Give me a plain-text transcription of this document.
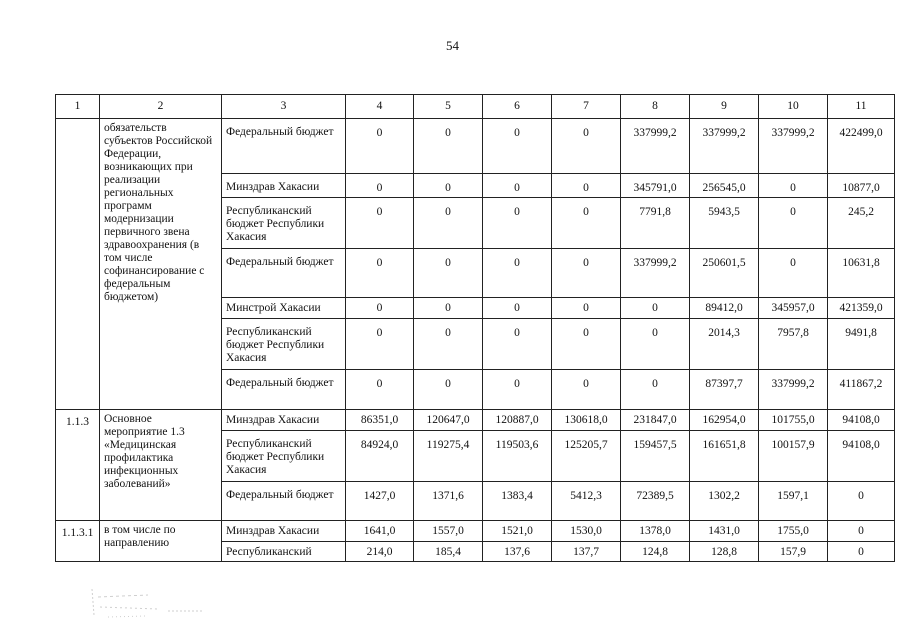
54
1	2	3	4	5	6	7	8	9	10	11
	обязательств субъектов Российской Федерации, возникающих при реализации региональных программ модернизации первичного звена здравоохранения (в том числе софинансирование с федеральным бюджетом)	Федеральный бюджет	0	0	0	0	337999,2	337999,2	337999,2	422499,0
		Минздрав Хакасии	0	0	0	0	345791,0	256545,0	0	10877,0
		Республиканский бюджет Республики Хакасия	0	0	0	0	7791,8	5943,5	0	245,2
		Федеральный бюджет	0	0	0	0	337999,2	250601,5	0	10631,8
		Минстрой Хакасии	0	0	0	0	0	89412,0	345957,0	421359,0
		Республиканский бюджет Республики Хакасия	0	0	0	0	0	2014,3	7957,8	9491,8
		Федеральный бюджет	0	0	0	0	0	87397,7	337999,2	411867,2
1.1.3	Основное мероприятие 1.3 «Медицинская профилактика инфекционных заболеваний»	Минздрав Хакасии	86351,0	120647,0	120887,0	130618,0	231847,0	162954,0	101755,0	94108,0
		Республиканский бюджет Республики Хакасия	84924,0	119275,4	119503,6	125205,7	159457,5	161651,8	100157,9	94108,0
		Федеральный бюджет	1427,0	1371,6	1383,4	5412,3	72389,5	1302,2	1597,1	0
1.1.3.1	в том числе по направлению	Минздрав Хакасии	1641,0	1557,0	1521,0	1530,0	1378,0	1431,0	1755,0	0
		Республиканский	214,0	185,4	137,6	137,7	124,8	128,8	157,9	0
